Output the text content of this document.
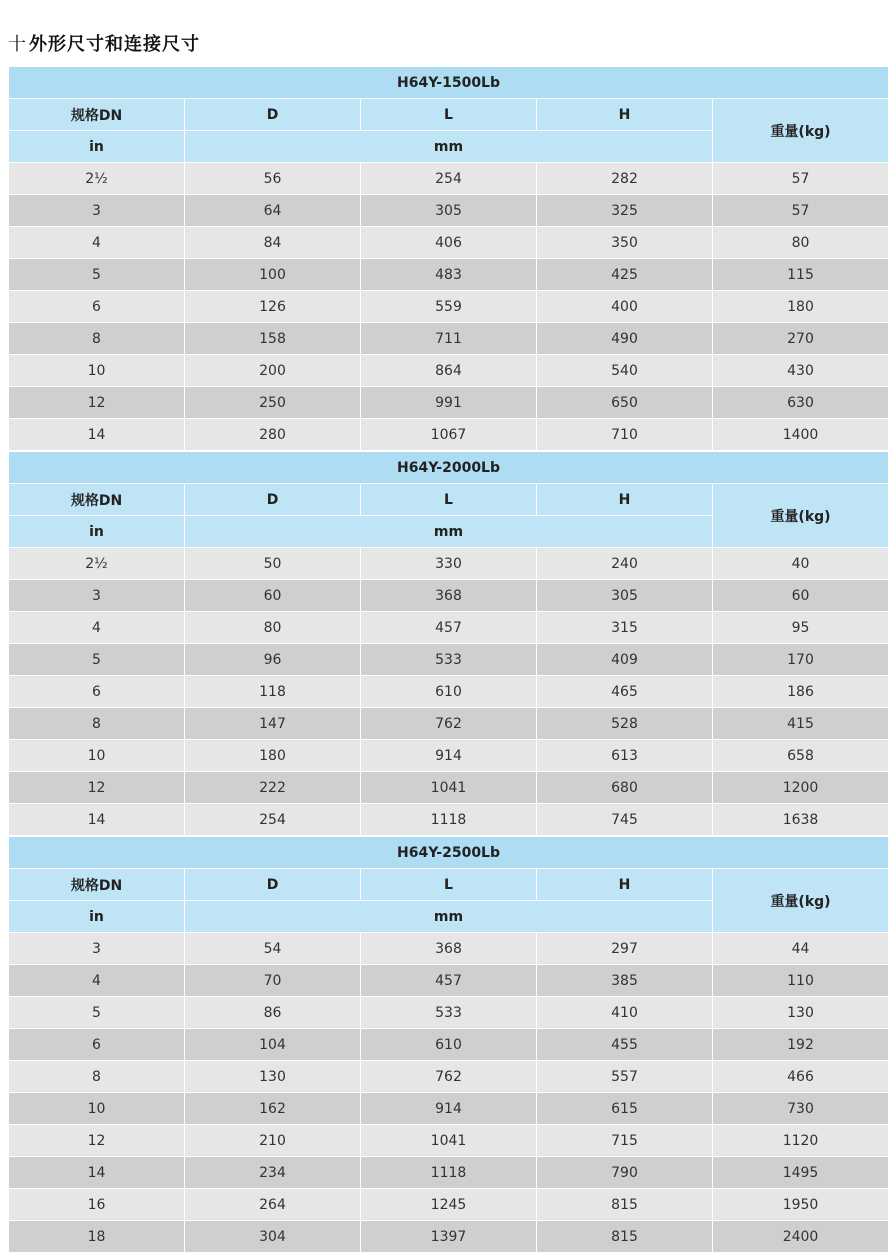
十 外形尺寸和连接尺寸
H64Y-1500Lb				
规格DN	D	L	H	重量(kg)
in	mm			
2½	56	254	282	57
3	64	305	325	57
4	84	406	350	80
5	100	483	425	115
6	126	559	400	180
8	158	711	490	270
10	200	864	540	430
12	250	991	650	630
14	280	1067	710	1400
H64Y-2000Lb				
规格DN	D	L	H	重量(kg)
in	mm			
2½	50	330	240	40
3	60	368	305	60
4	80	457	315	95
5	96	533	409	170
6	118	610	465	186
8	147	762	528	415
10	180	914	613	658
12	222	1041	680	1200
14	254	1118	745	1638
H64Y-2500Lb				
规格DN	D	L	H	重量(kg)
in	mm			
3	54	368	297	44
4	70	457	385	110
5	86	533	410	130
6	104	610	455	192
8	130	762	557	466
10	162	914	615	730
12	210	1041	715	1120
14	234	1118	790	1495
16	264	1245	815	1950
18	304	1397	815	2400
